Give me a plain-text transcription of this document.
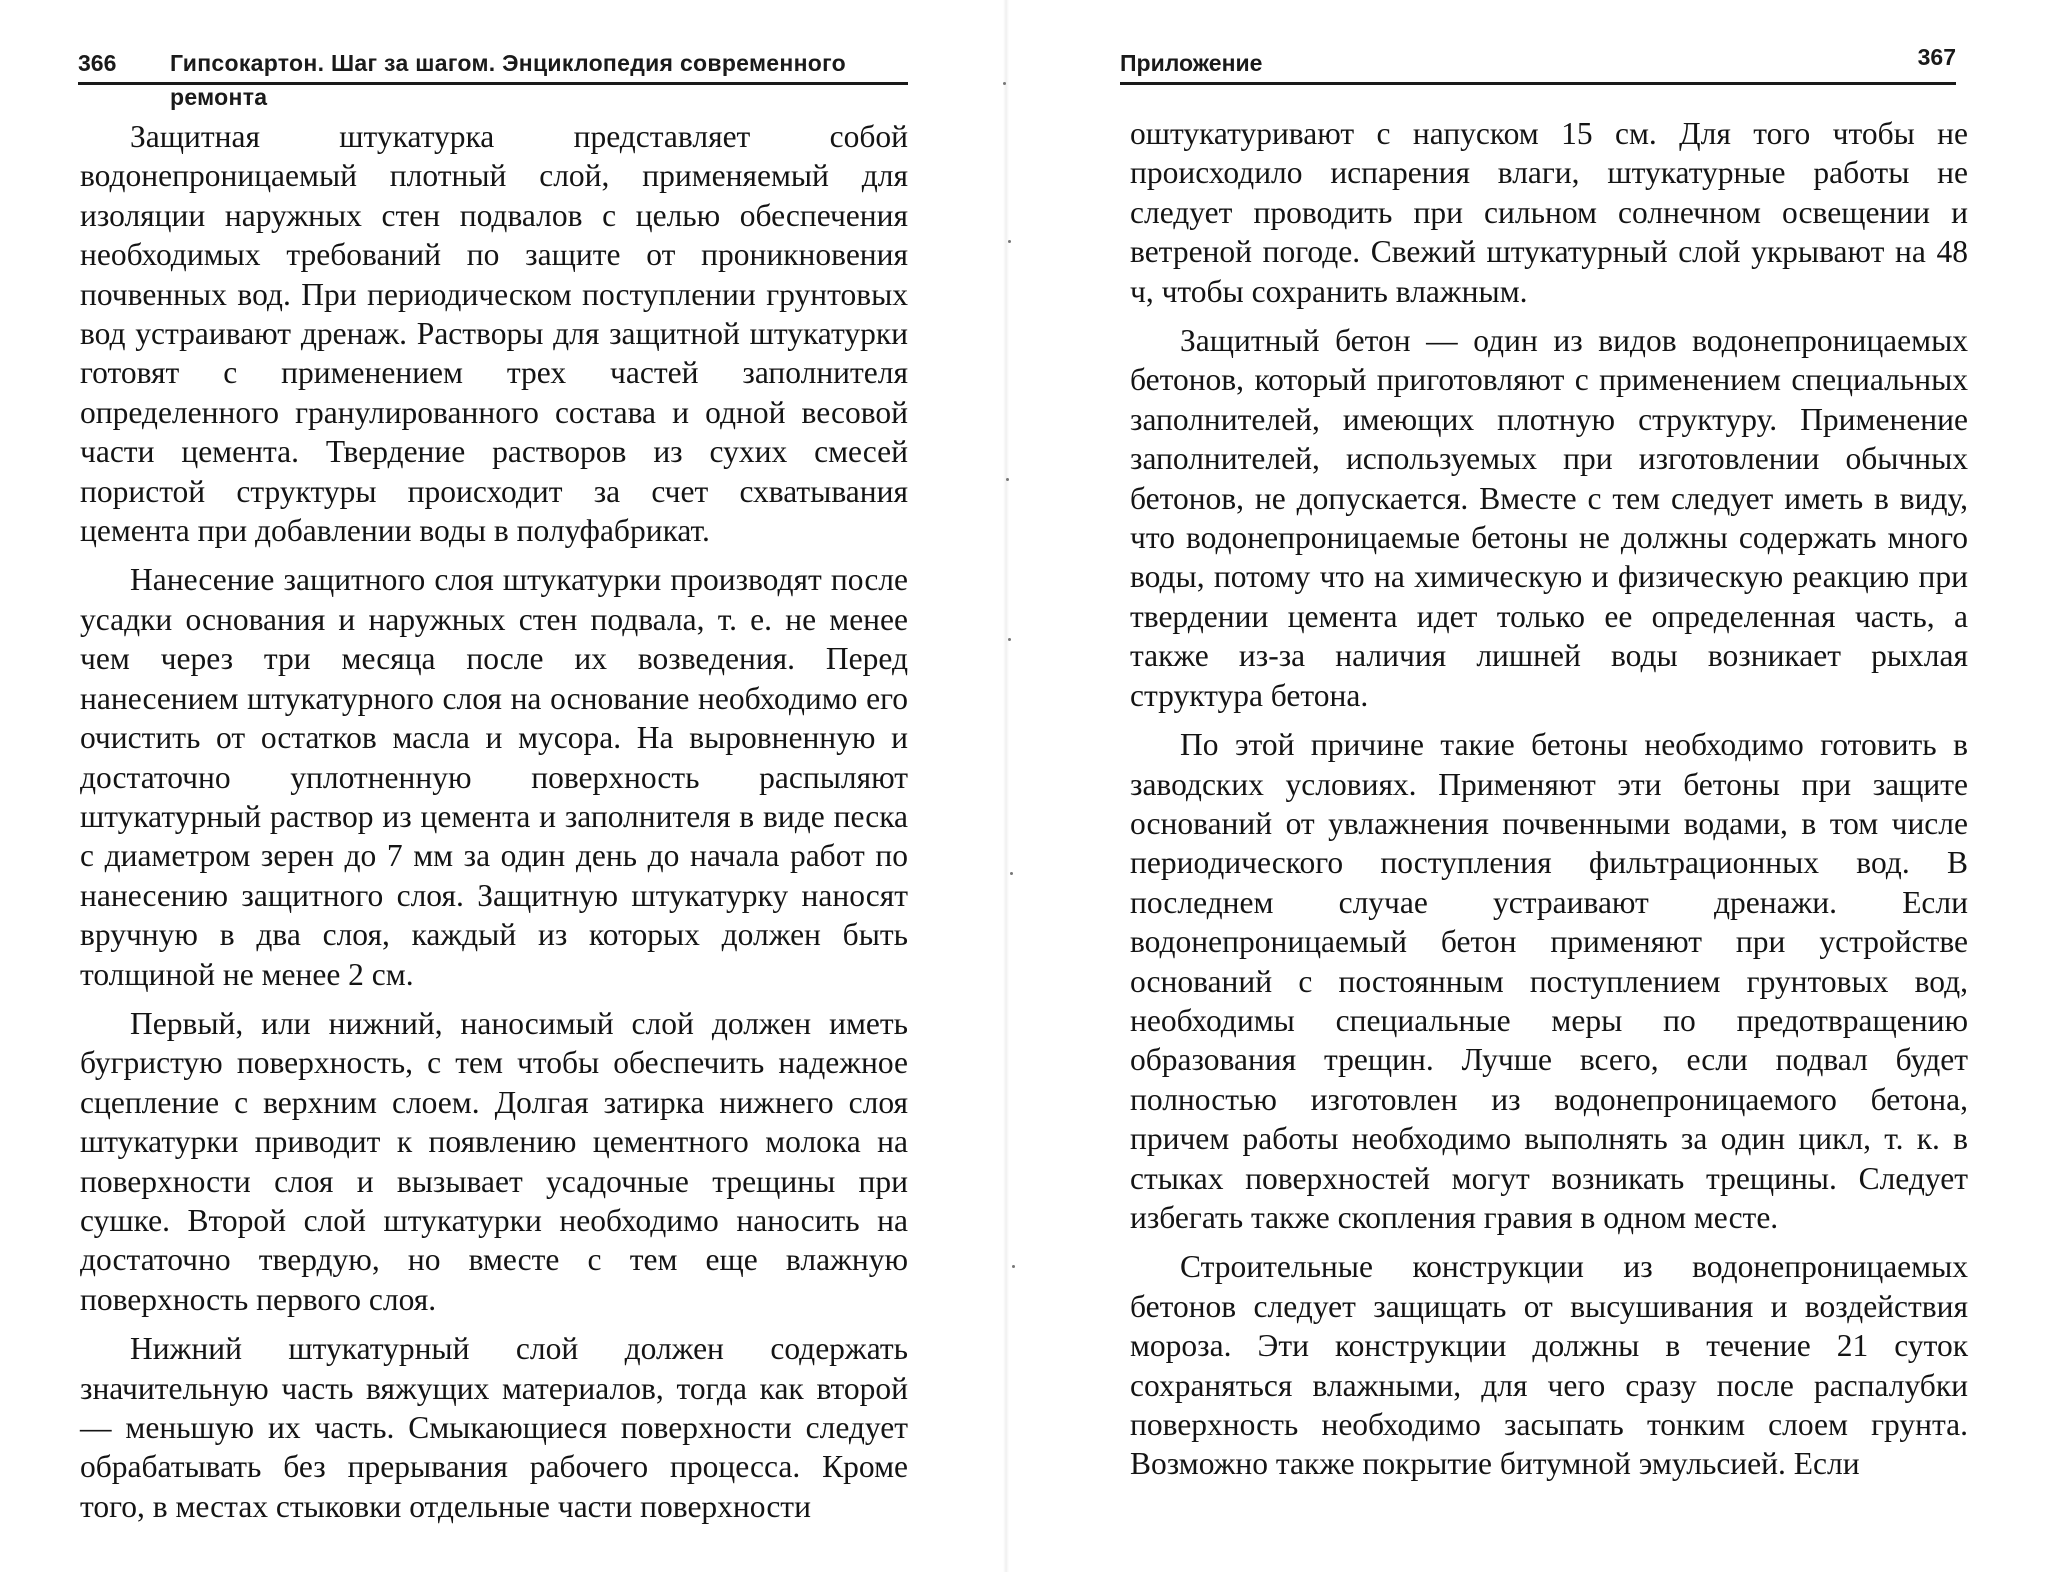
366 Гипсокартон. Шаг за шагом. Энциклопедия современного ремонта

Защитная штукатурка представляет собой водонепроницаемый плотный слой, применяемый для изоляции наружных стен подвалов с целью обеспечения необходимых требований по защите от проникновения почвенных вод. При периодическом поступлении грунтовых вод устраивают дренаж. Растворы для защитной штукатурки готовят с применением трех частей заполнителя определенного гранулированного состава и одной весовой части цемента. Твердение растворов из сухих смесей пористой структуры происходит за счет схватывания цемента при добавлении воды в полуфабрикат.

Нанесение защитного слоя штукатурки производят после усадки основания и наружных стен подвала, т. е. не менее чем через три месяца после их возведения. Перед нанесением штукатурного слоя на основание необходимо его очистить от остатков масла и мусора. На выровненную и достаточно уплотненную поверхность распыляют штукатурный раствор из цемента и заполнителя в виде песка с диаметром зерен до 7 мм за один день до начала работ по нанесению защитного слоя. Защитную штукатурку наносят вручную в два слоя, каждый из которых должен быть толщиной не менее 2 см.

Первый, или нижний, наносимый слой должен иметь бугристую поверхность, с тем чтобы обеспечить надежное сцепление с верхним слоем. Долгая затирка нижнего слоя штукатурки приводит к появлению цементного молока на поверхности слоя и вызывает усадочные трещины при сушке. Второй слой штукатурки необходимо наносить на достаточно твердую, но вместе с тем еще влажную поверхность первого слоя.

Нижний штукатурный слой должен содержать значительную часть вяжущих материалов, тогда как второй — меньшую их часть. Смыкающиеся поверхности следует обрабатывать без прерывания рабочего процесса. Кроме того, в местах стыковки отдельные части поверхности

Приложение	367

оштукатуривают с напуском 15 см. Для того чтобы не происходило испарения влаги, штукатурные работы не следует проводить при сильном солнечном освещении и ветреной погоде. Свежий штукатурный слой укрывают на 48 ч, чтобы сохранить влажным.

Защитный бетон — один из видов водонепроницаемых бетонов, который приготовляют с применением специальных заполнителей, имеющих плотную структуру. Применение заполнителей, используемых при изготовлении обычных бетонов, не допускается. Вместе с тем следует иметь в виду, что водонепроницаемые бетоны не должны содержать много воды, потому что на химическую и физическую реакцию при твердении цемента идет только ее определенная часть, а также из-за наличия лишней воды возникает рыхлая структура бетона.

По этой причине такие бетоны необходимо готовить в заводских условиях. Применяют эти бетоны при защите оснований от увлажнения почвенными водами, в том числе периодического поступления фильтрационных вод. В последнем случае устраивают дренажи. Если водонепроницаемый бетон применяют при устройстве оснований с постоянным поступлением грунтовых вод, необходимы специальные меры по предотвращению образования трещин. Лучше всего, если подвал будет полностью изготовлен из водонепроницаемого бетона, причем работы необходимо выполнять за один цикл, т. к. в стыках поверхностей могут возникать трещины. Следует избегать также скопления гравия в одном месте.

Строительные конструкции из водонепроницаемых бетонов следует защищать от высушивания и воздействия мороза. Эти конструкции должны в течение 21 суток сохраняться влажными, для чего сразу после распалубки поверхность необходимо засыпать тонким слоем грунта. Возможно также покрытие битумной эмульсией. Если
